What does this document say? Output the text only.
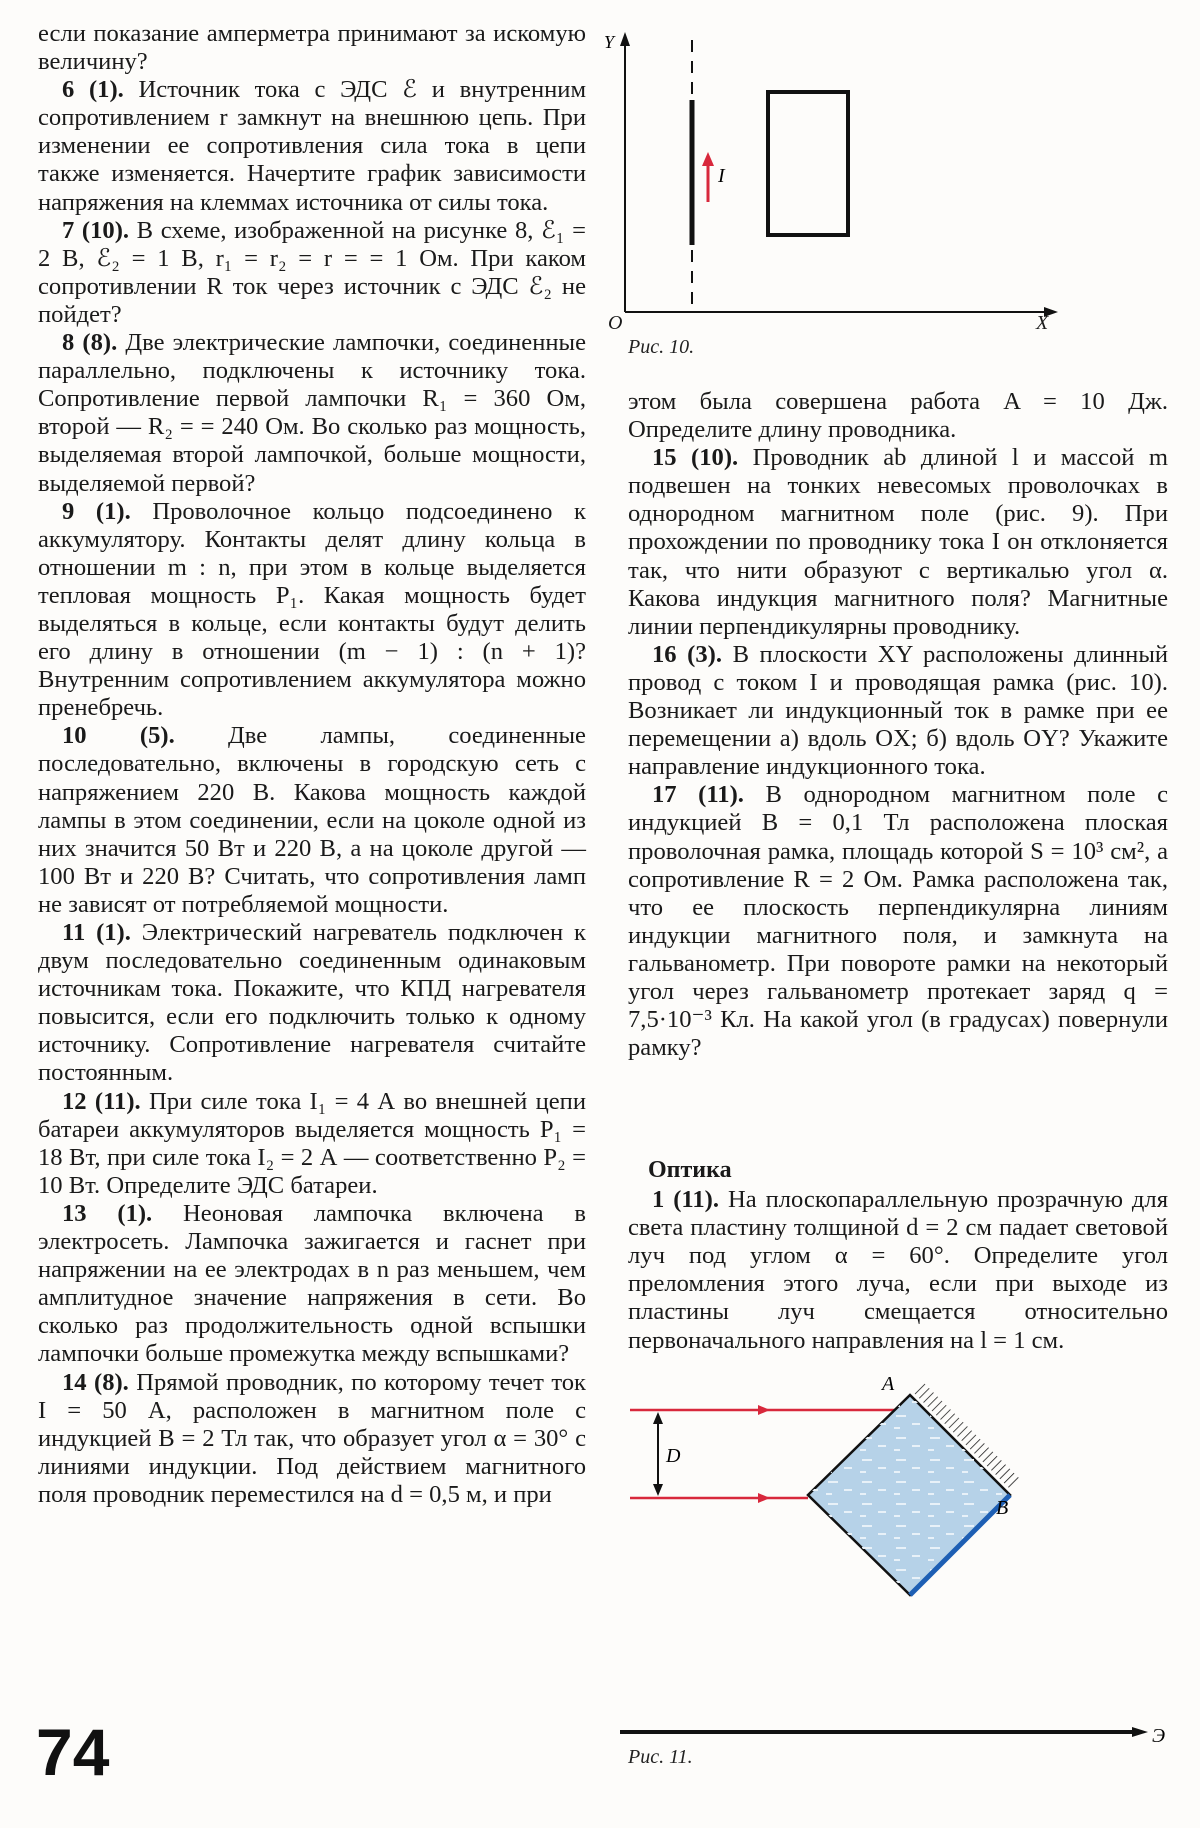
если показание амперметра принимают за искомую величину?

6 (1). Источник тока с ЭДС ℰ и внутренним сопротивлением r замкнут на внешнюю цепь. При изменении ее сопротивления сила тока в цепи также изменяется. Начертите график зависимости напряжения на клеммах источника от силы тока.

7 (10). В схеме, изображенной на рисунке 8, ℰ₁ = 2 В, ℰ₂ = 1 В, r₁ = r₂ = r = = 1 Ом. При каком сопротивлении R ток через источник с ЭДС ℰ₂ не пойдет?

8 (8). Две электрические лампочки, соединенные параллельно, подключены к источнику тока. Сопротивление первой лампочки R₁ = 360 Ом, второй — R₂ = = 240 Ом. Во сколько раз мощность, выделяемая второй лампочкой, больше мощности, выделяемой первой?

9 (1). Проволочное кольцо подсоединено к аккумулятору. Контакты делят длину кольца в отношении m : n, при этом в кольце выделяется тепловая мощность P₁. Какая мощность будет выделяться в кольце, если контакты будут делить его длину в отношении (m − 1) : (n + 1)? Внутренним сопротивлением аккумулятора можно пренебречь.

10 (5). Две лампы, соединенные последовательно, включены в городскую сеть с напряжением 220 В. Какова мощность каждой лампы в этом соединении, если на цоколе одной из них значится 50 Вт и 220 В, а на цоколе другой — 100 Вт и 220 В? Считать, что сопротивления ламп не зависят от потребляемой мощности.

11 (1). Электрический нагреватель подключен к двум последовательно соединенным одинаковым источникам тока. Покажите, что КПД нагревателя повысится, если его подключить только к одному источнику. Сопротивление нагревателя считайте постоянным.

12 (11). При силе тока I₁ = 4 А во внешней цепи батареи аккумуляторов выделяется мощность P₁ = 18 Вт, при силе тока I₂ = 2 А — соответственно P₂ = 10 Вт. Определите ЭДС батареи.

13 (1). Неоновая лампочка включена в электросеть. Лампочка зажигается и гаснет при напряжении на ее электродах в n раз меньшем, чем амплитудное значение напряжения в сети. Во сколько раз продолжительность одной вспышки лампочки больше промежутка между вспышками?

14 (8). Прямой проводник, по которому течет ток I = 50 А, расположен в магнитном поле с индукцией B = 2 Тл так, что образует угол α = 30° с линиями индукции. Под действием магнитного поля проводник переместился на d = 0,5 м, и при

Y
I
O	X
Рис. 10.

этом была совершена работа A = 10 Дж. Определите длину проводника.

15 (10). Проводник ab длиной l и массой m подвешен на тонких невесомых проволочках в однородном магнитном поле (рис. 9). При прохождении по проводнику тока I он отклоняется так, что нити образуют с вертикалью угол α. Какова индукция магнитного поля? Магнитные линии перпендикулярны проводнику.

16 (3). В плоскости XY расположены длинный провод с током I и проводящая рамка (рис. 10). Возникает ли индукционный ток в рамке при ее перемещении а) вдоль OX; б) вдоль OY? Укажите направление индукционного тока.

17 (11). В однородном магнитном поле с индукцией B = 0,1 Тл расположена плоская проволочная рамка, площадь которой S = 10³ см², а сопротивление R = 2 Ом. Рамка расположена так, что ее плоскость перпендикулярна линиям индукции магнитного поля, и замкнута на гальванометр. При повороте рамки на некоторый угол через гальванометр протекает заряд q = 7,5·10⁻³ Кл. На какой угол (в градусах) повернули рамку?

Оптика

1 (11). На плоскопараллельную прозрачную для света пластину толщиной d = 2 см падает световой луч под углом α = 60°. Определите угол преломления этого луча, если при выходе из пластины луч смещается относительно первоначального направления на l = 1 см.

A
B
D
Э
Рис. 11.
74
